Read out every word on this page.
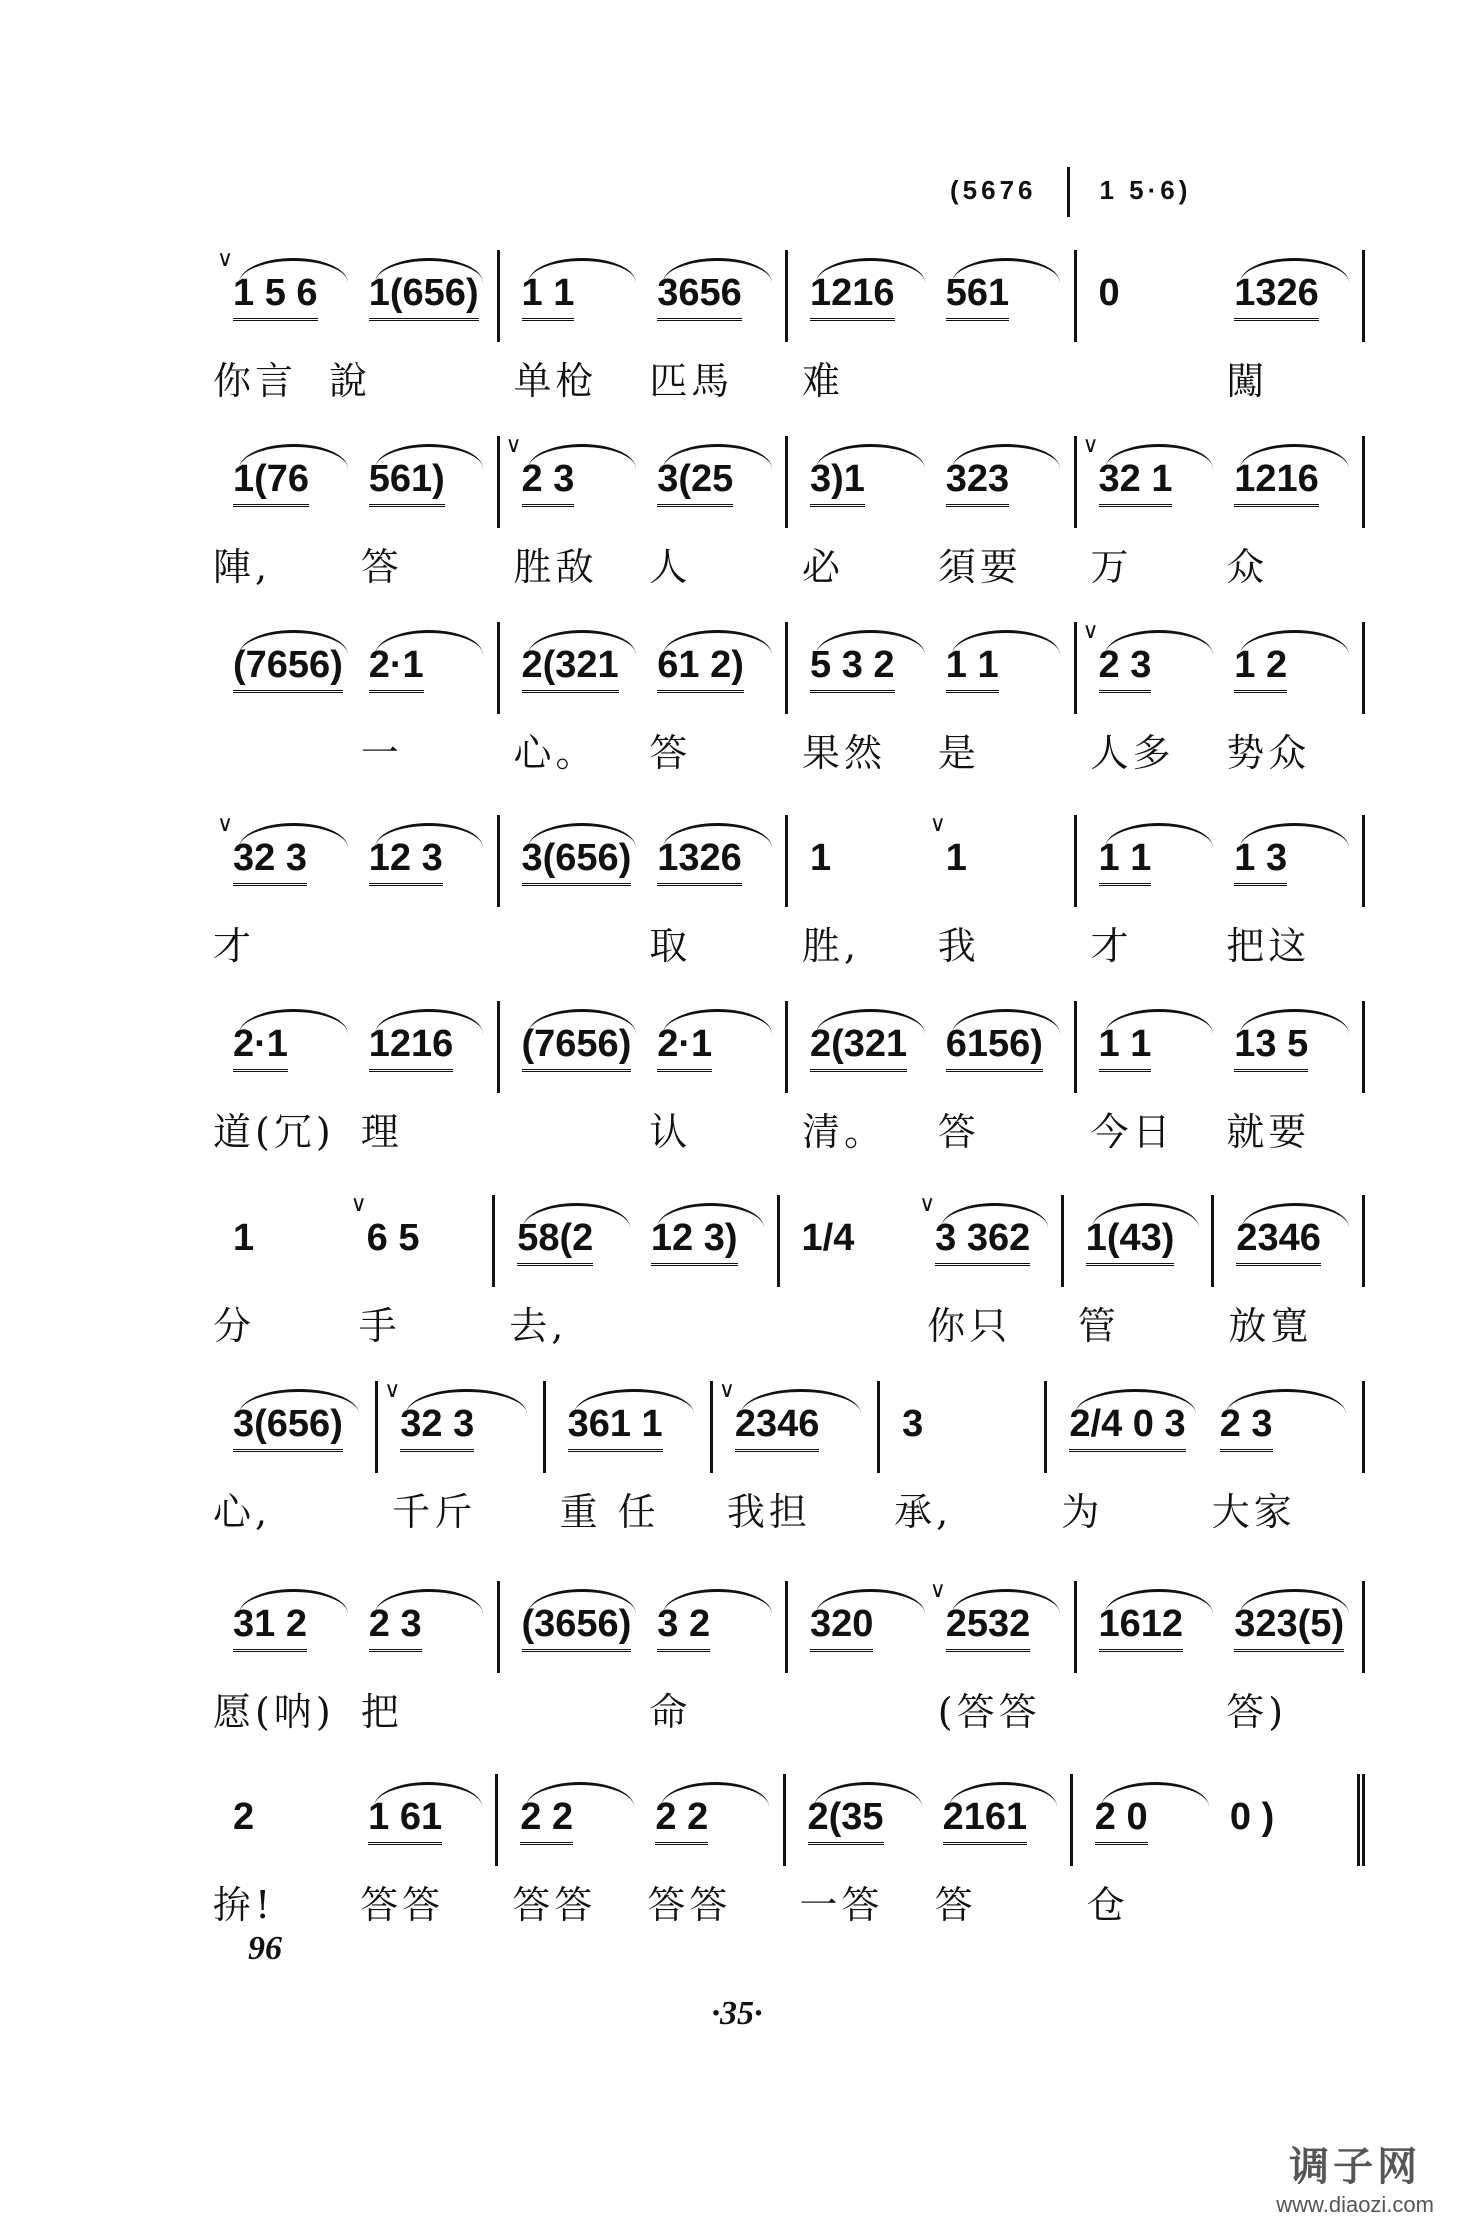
(5676 1 5·6)
∨
1 5 6
你言  說
1(656) 1 1
单枪
3656
匹馬
1216
难
561 0	1326
闖
1(76
陣,
561)
答
∨
2 3
胜敌
3(25
人
3)1
必
323
須要
∨
32 1
万
1216
众
(7656) 2·1
一
2(321
心。
61 2)
答
5 3 2
果然
1 1
是
∨
2 3
人多
1 2
势众
∨
32 3
才
12 3 3(656) 1326
取
1
胜,
∨
1
我
1 1
才
1 3
把这
2·1
道(冗)
1216
理
(7656) 2·1
认
2(321
清。
6156)
答
1 1
今日
13 5
就要
1
分
∨
6 5
手
58(2
去,
12 3) 1/4
∨
3 362
你只
1(43)
管
2346
放寛
3(656)
心,
∨
32 3
千斤
361 1
重 任
∨
2346
我担
3
承,
2/4 0 3
为
2 3
大家
31 2
愿(呐)
2 3
把
(3656) 3 2
命
320
∨
2532
(答答
1612 323(5)
答)
2
拚!
1 61
答答
2 2
答答
2 2
答答
2(35
一答
2161
答
2 0
仓
0 )
96
·35·
调子网
www.diaozi.com
